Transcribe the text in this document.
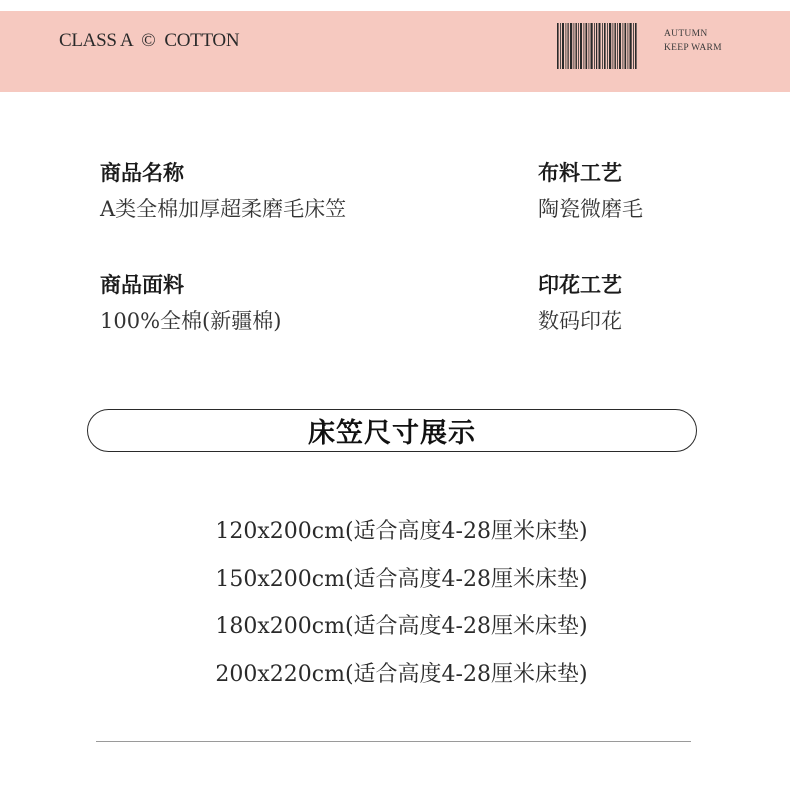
CLASS A  ©  COTTON	AUTUMN
KEEP WARM
商品名称
A类全棉加厚超柔磨毛床笠
布料工艺
陶瓷微磨毛
商品面料
100%全棉(新疆棉)
印花工艺
数码印花
床笠尺寸展示
120x200cm(适合高度4-28厘米床垫)
150x200cm(适合高度4-28厘米床垫)
180x200cm(适合高度4-28厘米床垫)
200x220cm(适合高度4-28厘米床垫)
